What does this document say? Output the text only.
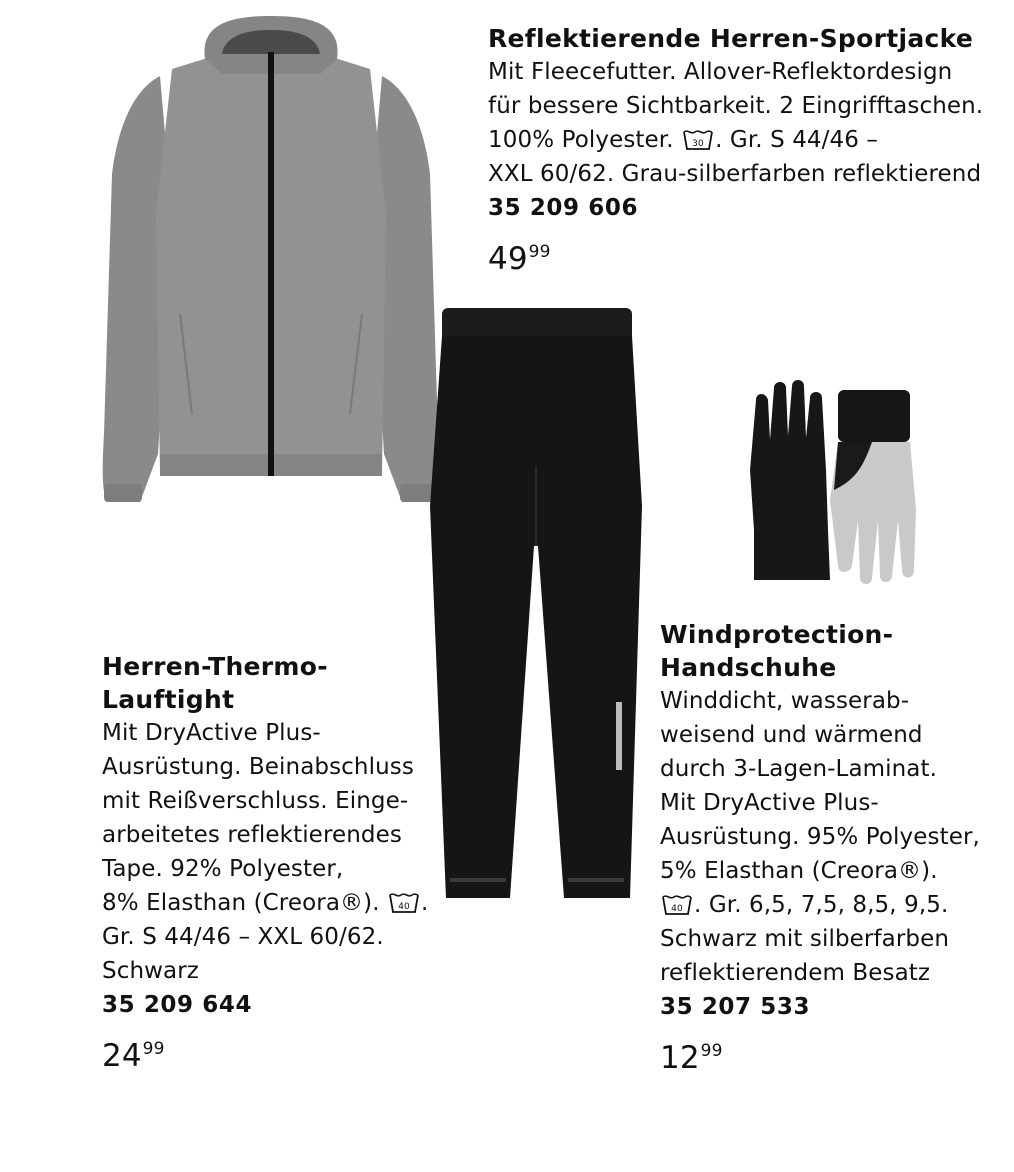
Reflektierende Herren-Sportjacke
Mit Fleecefutter. Allover-Reflektordesign
für bessere Sichtbarkeit. 2 Eingrifftaschen.
100% Polyester. 30 . Gr. S 44/46 –
XXL 60/62. Grau-silberfarben reflektierend
35 209 606
$49^{99}$
Herren-Thermo-
Lauftight
Mit DryActive Plus-
Ausrüstung. Beinabschluss
mit Reißverschluss. Einge-
arbeitetes reflektierendes
Tape. 92% Polyester,
8% Elasthan (Creora®). 40 .
Gr. S 44/46 – XXL 60/62.
Schwarz
35 209 644
$24^{99}$
Windprotection-
Handschuhe
Winddicht, wasserab-
weisend und wärmend
durch 3-Lagen-Laminat.
Mit DryActive Plus-
Ausrüstung. 95% Polyester,
5% Elasthan (Creora®).
40 . Gr. 6,5, 7,5, 8,5, 9,5.
Schwarz mit silberfarben
reflektierendem Besatz
35 207 533
$12^{99}$
